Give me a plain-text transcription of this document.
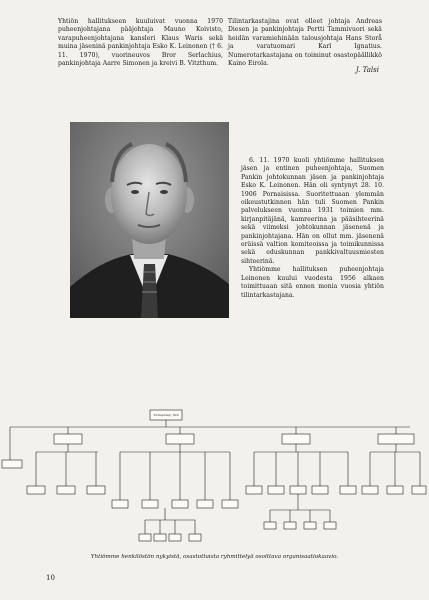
Yhtiön hallitukseen kuuluivat vuonna 1970 puheenjohtajana pääjohtaja Mauno Koivisto, varapuheenjohtajana kansleri Klaus Waris sekä muina jäseninä pankinjohtaja Esko K. Leinonen († 6. 11. 1970), vuorineuvos Bror Serlachius, pankinjohtaja Aarre Simonen ja kreivi B. Vitzthum.
Tilintarkastajina ovat olleet johtaja Andreas Diesen ja pankinjohtaja Pertti Tammivuori sekä heidän varamiehinään talousjohtaja Hans Storå ja varatuomari Karl Ignatius. Numerotarkastajana on toiminut osastopäällikkö Kaino Eirola.
J. Talsi

6. 11. 1970 kuoli yhtiömme hallituksen jäsen ja entinen puheenjohtaja, Suomen Pankin johtokunnan jäsen ja pankinjohtaja Esko K. Leinonen. Hän oli syntynyt 28. 10. 1906 Pornaisissa. Suoritettuaan ylemmän oikeustutkinnon hän tuli Suomen Pankin palvelukseen vuonna 1931 toimien mm. kirjanpitäjänä, kamreerina ja pääsihteerinä sekä viimeksi johtokunnan jäsenenä ja pankinjohtajana. Hän on ollut mm. jäsenenä eräissä valtion komiteoissa ja toimikunnissa sekä eduskunnan pankkivaltuusmiesten sihteerinä.

Yhtiömme hallituksen puheenjohtaja Leinonen kuului vuodesta 1956 alkaen toimittuaan sitä ennen monia vuosia yhtiön tilintarkastajana.

Toimitusjohtaja J. TALSI
Yhtiömme henkilöstön nykyistä, osastottaista ryhmittelyä osoittava organisaatiokaavio.
10
